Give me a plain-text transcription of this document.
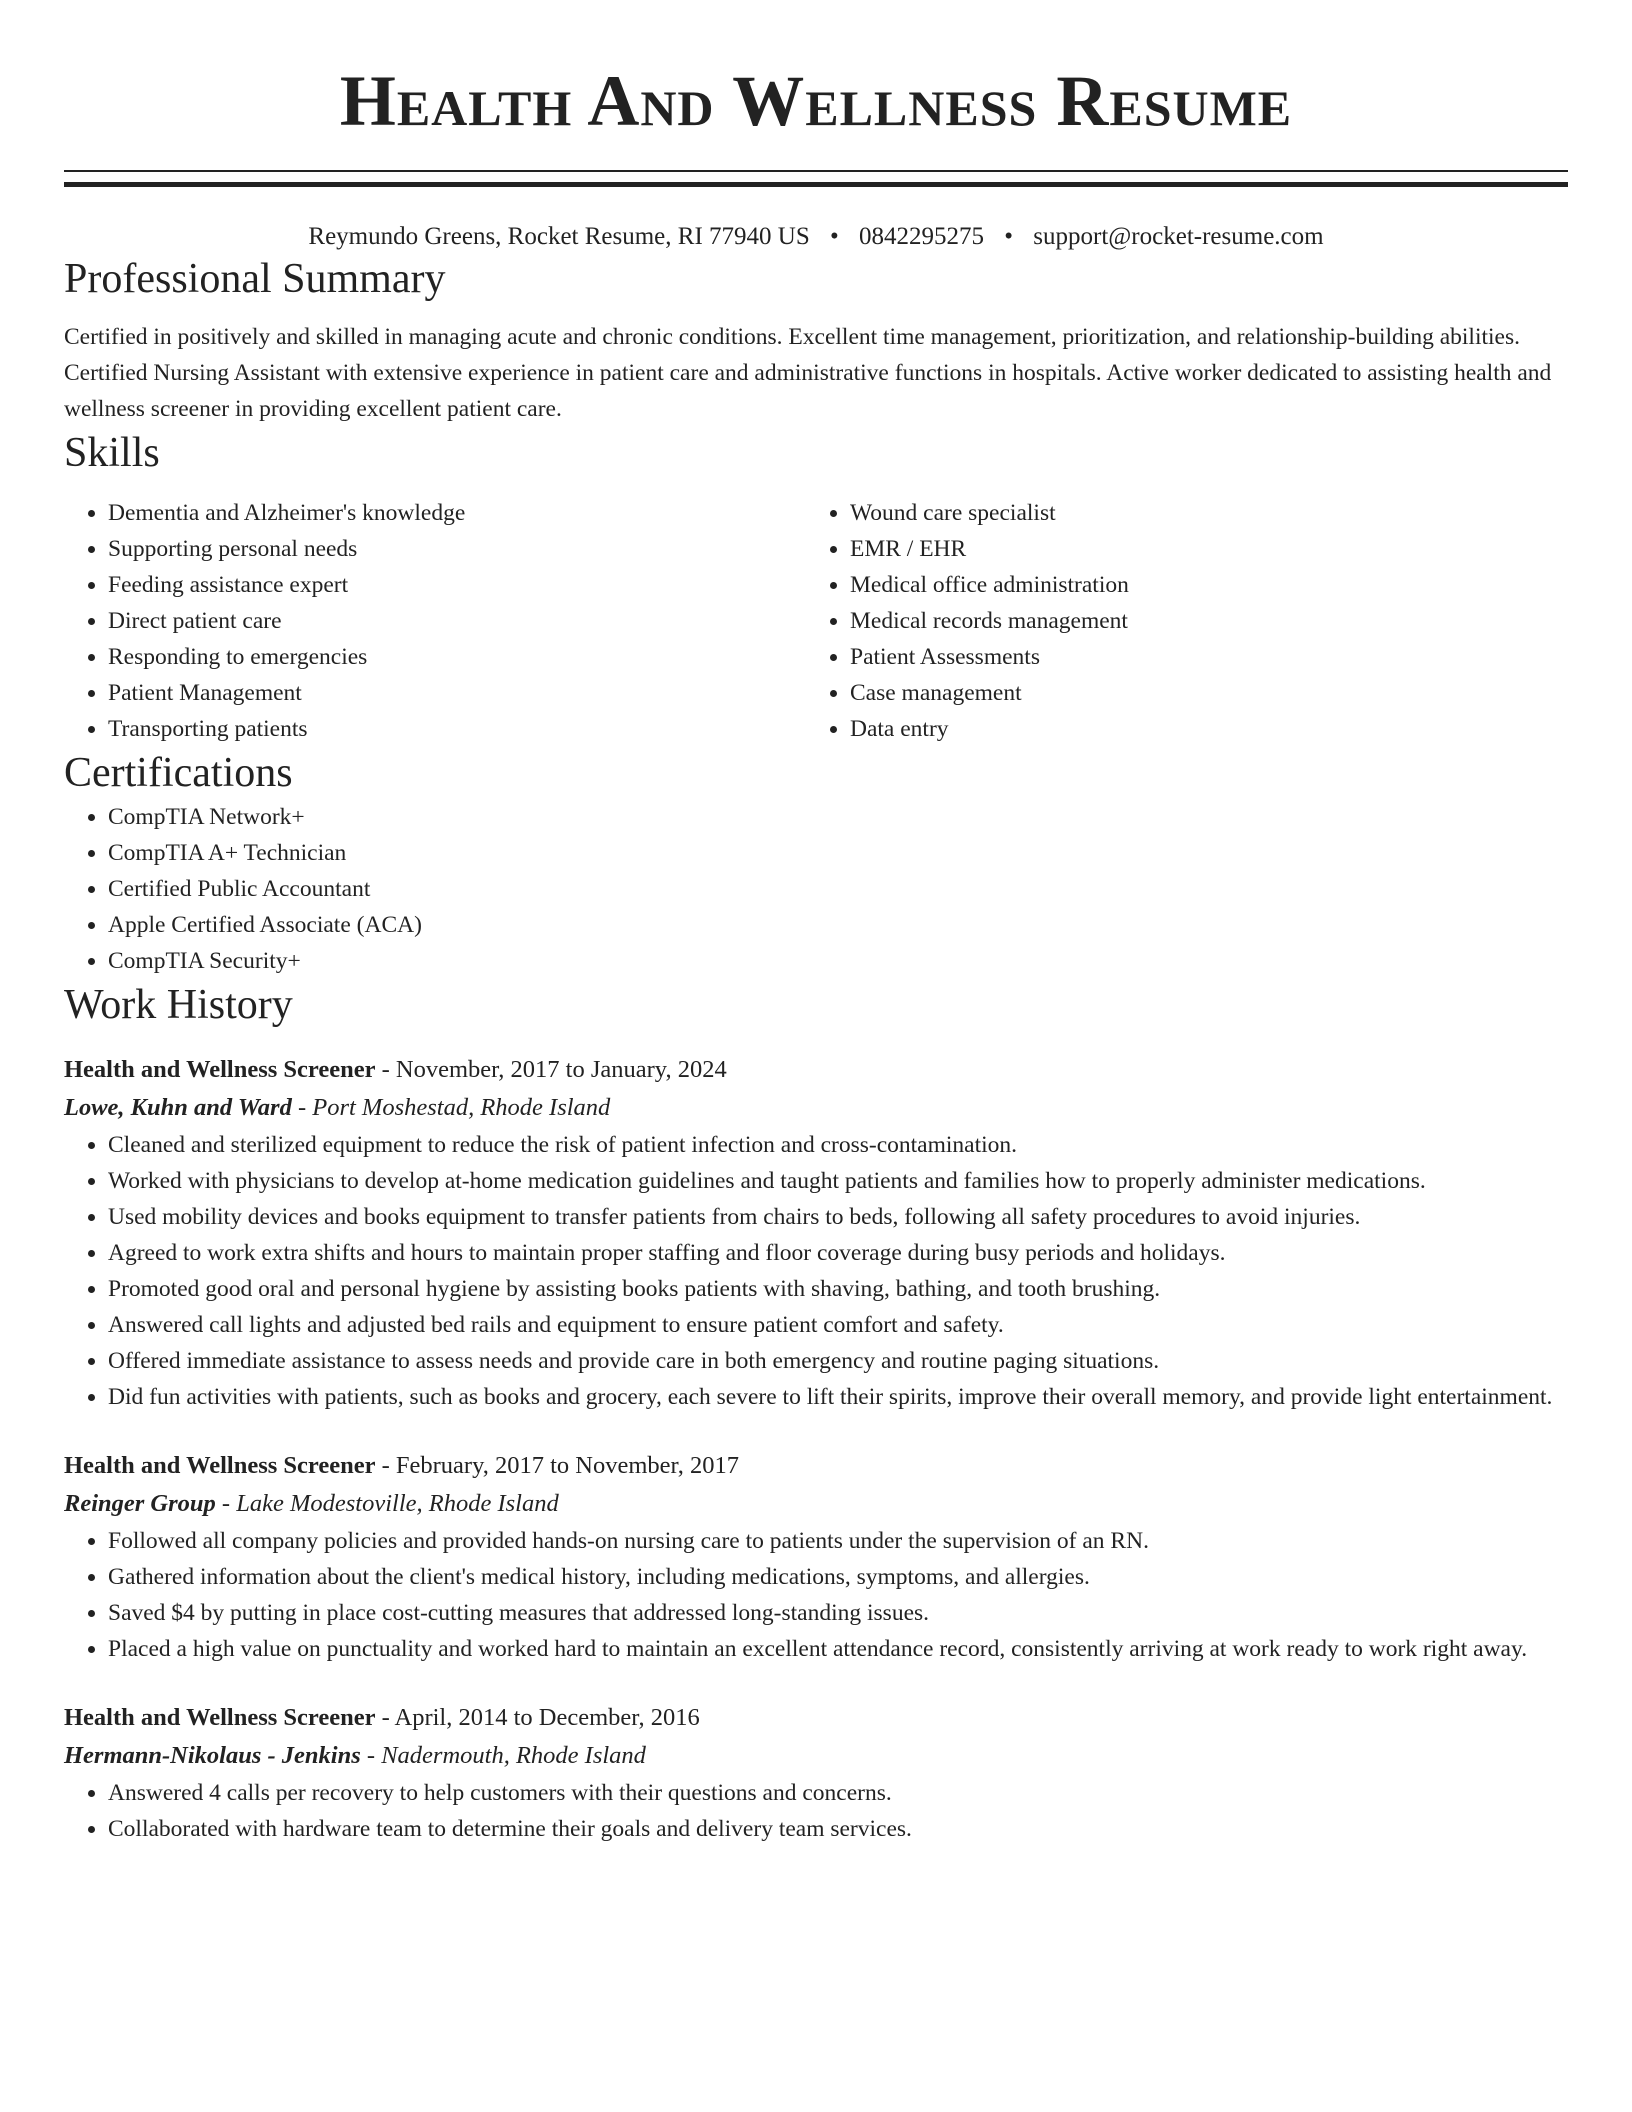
Health And Wellness Resume
Reymundo Greens, Rocket Resume, RI 77940 US • 0842295275 • support@rocket-resume.com
Professional Summary

Certified in positively and skilled in managing acute and chronic conditions. Excellent time management, prioritization, and relationship-building abilities. Certified Nursing Assistant with extensive experience in patient care and administrative functions in hospitals. Active worker dedicated to assisting health and wellness screener in providing excellent patient care.

Skills
• Dementia and Alzheimer's knowledge
• Supporting personal needs
• Feeding assistance expert
• Direct patient care
• Responding to emergencies
• Patient Management
• Transporting patients
• Wound care specialist
• EMR / EHR
• Medical office administration
• Medical records management
• Patient Assessments
• Case management
• Data entry
Certifications
• CompTIA Network+
• CompTIA A+ Technician
• Certified Public Accountant
• Apple Certified Associate (ACA)
• CompTIA Security+
Work History
Health and Wellness Screener - November, 2017 to January, 2024
Lowe, Kuhn and Ward - Port Moshestad, Rhode Island
• Cleaned and sterilized equipment to reduce the risk of patient infection and cross-contamination.
• Worked with physicians to develop at-home medication guidelines and taught patients and families how to properly administer medications.
• Used mobility devices and books equipment to transfer patients from chairs to beds, following all safety procedures to avoid injuries.
• Agreed to work extra shifts and hours to maintain proper staffing and floor coverage during busy periods and holidays.
• Promoted good oral and personal hygiene by assisting books patients with shaving, bathing, and tooth brushing.
• Answered call lights and adjusted bed rails and equipment to ensure patient comfort and safety.
• Offered immediate assistance to assess needs and provide care in both emergency and routine paging situations.
• Did fun activities with patients, such as books and grocery, each severe to lift their spirits, improve their overall memory, and provide light entertainment.
Health and Wellness Screener - February, 2017 to November, 2017
Reinger Group - Lake Modestoville, Rhode Island
• Followed all company policies and provided hands-on nursing care to patients under the supervision of an RN.
• Gathered information about the client's medical history, including medications, symptoms, and allergies.
• Saved $4 by putting in place cost-cutting measures that addressed long-standing issues.
• Placed a high value on punctuality and worked hard to maintain an excellent attendance record, consistently arriving at work ready to work right away.
Health and Wellness Screener - April, 2014 to December, 2016
Hermann-Nikolaus - Jenkins - Nadermouth, Rhode Island
• Answered 4 calls per recovery to help customers with their questions and concerns.
• Collaborated with hardware team to determine their goals and delivery team services.
